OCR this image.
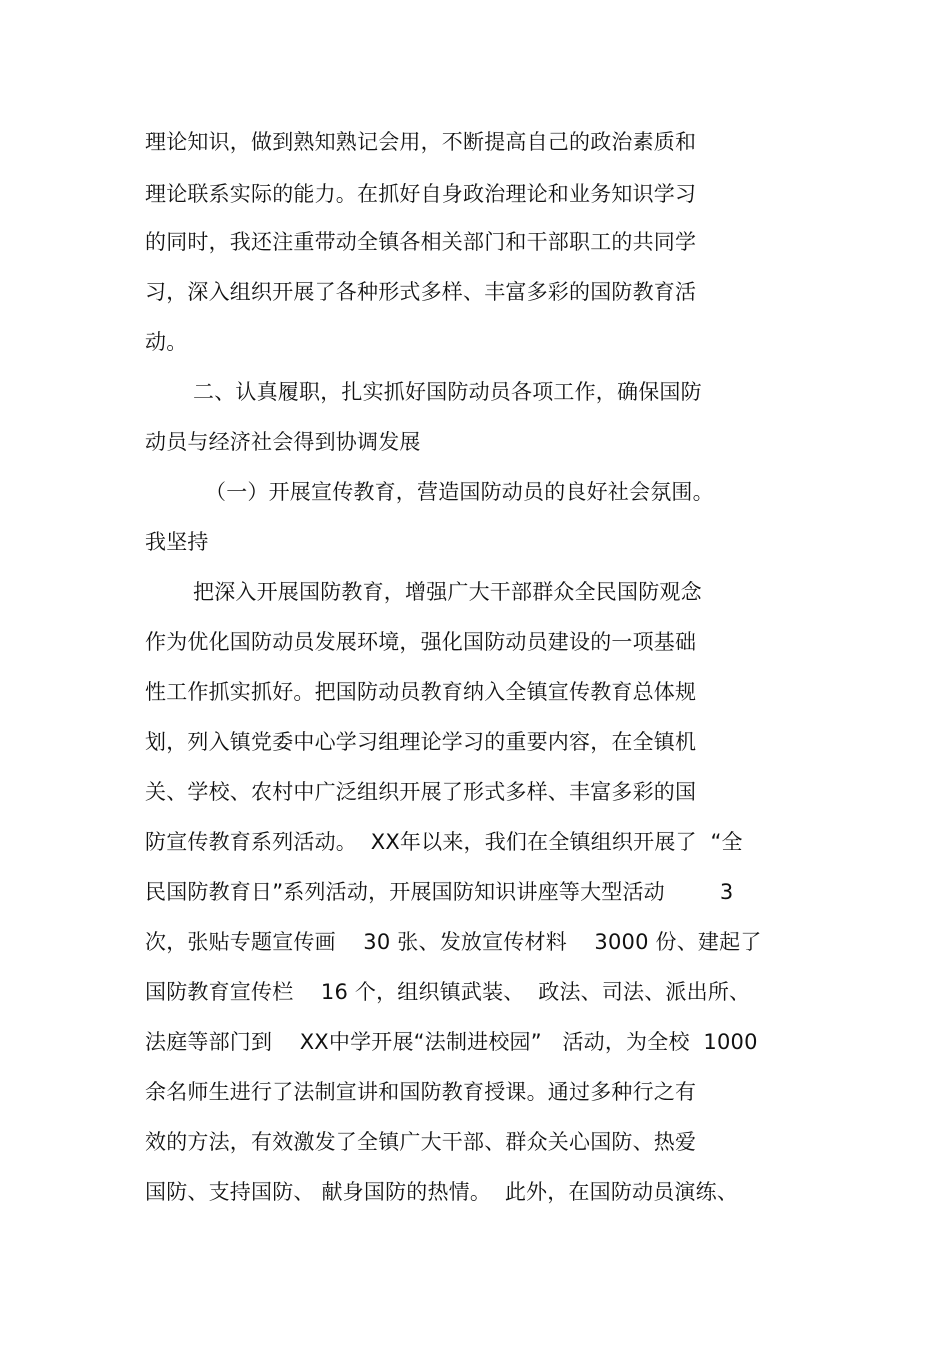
理论知识，做到熟知熟记会用，不断提高自己的政治素质和
理论联系实际的能力。在抓好自身政治理论和业务知识学习
的同时，我还注重带动全镇各相关部门和干部职工的共同学
习，深入组织开展了各种形式多样、丰富多彩的国防教育活
动。
二、认真履职，扎实抓好国防动员各项工作，确保国防
动员与经济社会得到协调发展
（一）开展宣传教育，营造国防动员的良好社会氛围。
我坚持
把深入开展国防教育，增强广大干部群众全民国防观念
作为优化国防动员发展环境，强化国防动员建设的一项基础
性工作抓实抓好。把国防动员教育纳入全镇宣传教育总体规
划，列入镇党委中心学习组理论学习的重要内容，在全镇机
关、学校、农村中广泛组织开展了形式多样、丰富多彩的国
防宣传教育系列活动。  XX年以来，我们在全镇组织开展了  “全
民国防教育日”系列活动，开展国防知识讲座等大型活动        3
次，张贴专题宣传画    30 张、发放宣传材料    3000 份、建起了
国防教育宣传栏    16 个，组织镇武装、  政法、司法、派出所、
法庭等部门到    XX中学开展“法制进校园”   活动，为全校  1000
余名师生进行了法制宣讲和国防教育授课。通过多种行之有
效的方法，有效激发了全镇广大干部、群众关心国防、热爱
国防、支持国防、 献身国防的热情。  此外，在国防动员演练、
